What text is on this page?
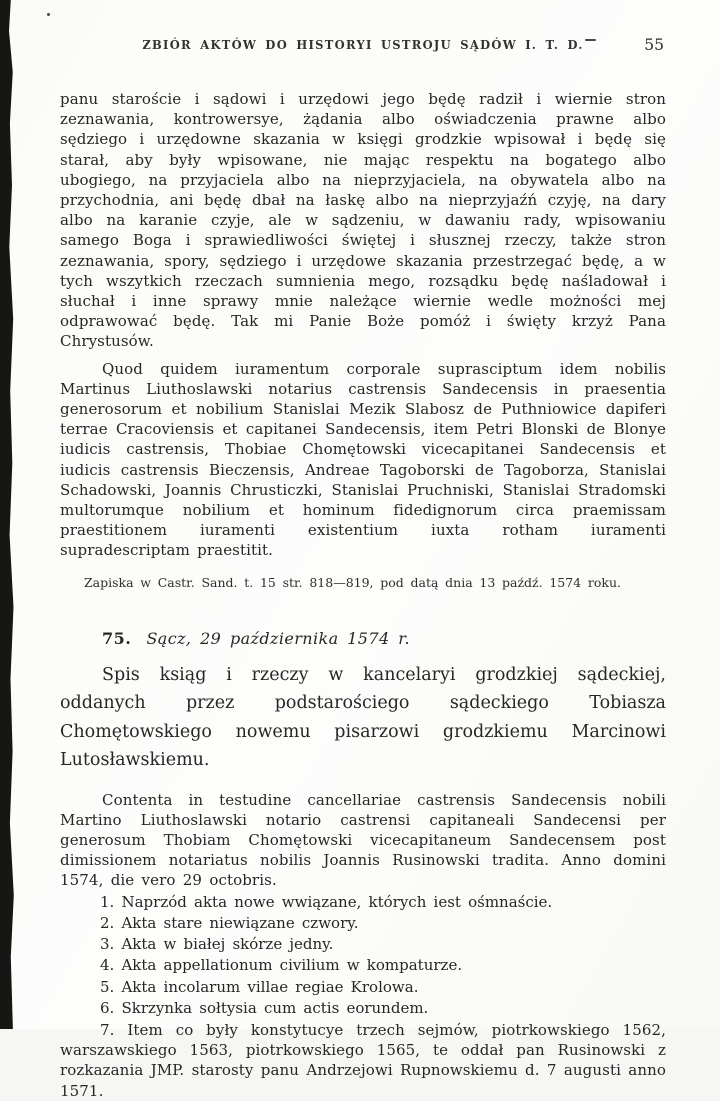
ZBIÓR AKTÓW DO HISTORYI USTROJU SĄDÓW I. T. D.	55

panu staroście i sądowi i urzędowi jego będę radził i wiernie stron zeznawania, kontrowersye, żądania albo oświadczenia prawne albo sędziego i urzędowne skazania w księgi grodzkie wpisował i będę się starał, aby były wpisowane, nie mając respektu na bogatego albo ubogiego, na przyjaciela albo na nieprzyjaciela, na obywatela albo na przychodnia, ani będę dbał na łaskę albo na nieprzyjaźń czyję, na dary albo na karanie czyje, ale w sądzeniu, w dawaniu rady, wpisowaniu samego Boga i sprawiedliwości świętej i słusznej rzeczy, także stron zeznawania, spory, sędziego i urzędowe skazania przestrzegać będę, a w tych wszytkich rzeczach sumnienia mego, rozsądku będę naśladował i słuchał i inne sprawy mnie należące wiernie wedle możności mej odprawować będę. Tak mi Panie Boże pomóż i święty krzyż Pana Chrystusów.

Quod quidem iuramentum corporale suprasciptum idem nobilis Martinus Liuthoslawski notarius castrensis Sandecensis in praesentia generosorum et nobilium Stanislai Mezik Slabosz de Puthniowice dapiferi terrae Cracoviensis et capitanei Sandecensis, item Petri Blonski de Blonye iudicis castrensis, Thobiae Chomętowski vicecapitanei Sandecensis et iudicis castrensis Bieczensis, Andreae Tagoborski de Tagoborza, Stanislai Schadowski, Joannis Chrusticzki, Stanislai Pruchniski, Stanislai Stradomski multorumque nobilium et hominum fidedignorum circa praemissam praestitionem iuramenti existentium iuxta rotham iuramenti supradescriptam praestitit.

Zapiska w Castr. Sand. t. 15 str. 818—819, pod datą dnia 13 paźdź. 1574 roku.

75. Sącz, 29 października 1574 r.

Spis ksiąg i rzeczy w kancelaryi grodzkiej sądeckiej, oddanych przez podstarościego sądeckiego Tobiasza Chomętowskiego nowemu pisarzowi grodzkiemu Marcinowi Lutosławskiemu.

Contenta in testudine cancellariae castrensis Sandecensis nobili Martino Liuthoslawski notario castrensi capitaneali Sandecensi per generosum Thobiam Chomętowski vicecapitaneum Sandecensem post dimissionem notariatus nobilis Joannis Rusinowski tradita. Anno domini 1574, die vero 29 octobris.

1. Naprzód akta nowe wwiązane, których iest ośmnaście.
2. Akta stare niewiązane czwory.
3. Akta w białej skórze jedny.
4. Akta appellationum civilium w kompaturze.
5. Akta incolarum villae regiae Krolowa.
6. Skrzynka sołtysia cum actis eorundem.

7. Item co były konstytucye trzech sejmów, piotrkowskiego 1562, warszawskiego 1563, piotrkowskiego 1565, te oddał pan Rusinowski z rozkazania JMP. starosty panu Andrzejowi Rupnowskiemu d. 7 augusti anno 1571.
